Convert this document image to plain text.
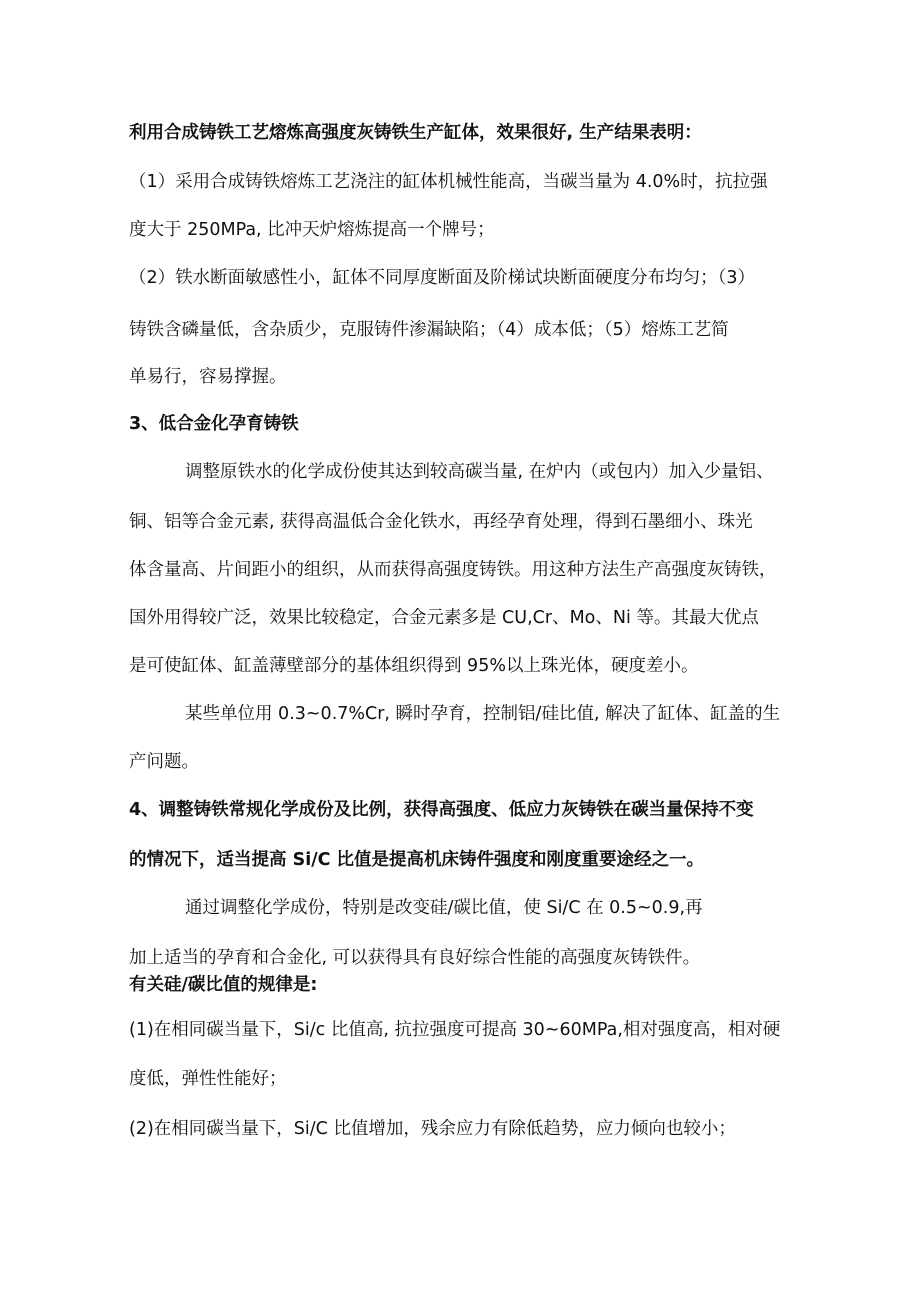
利用合成铸铁工艺熔炼高强度灰铸铁生产缸体，效果很好, 生产结果表明：

（1）采用合成铸铁熔炼工艺浇注的缸体机械性能高，当碳当量为 4.0%时，抗拉强

度大于 250MPa, 比冲天炉熔炼提高一个牌号；

（2）铁水断面敏感性小，缸体不同厚度断面及阶梯试块断面硬度分布均匀；（3）

铸铁含磷量低，含杂质少，克服铸件渗漏缺陷；（4）成本低；（5）熔炼工艺简

单易行，容易撑握。

3、低合金化孕育铸铁

调整原铁水的化学成份使其达到较高碳当量, 在炉内（或包内）加入少量铝、

铜、铝等合金元素, 获得高温低合金化铁水，再经孕育处理，得到石墨细小、珠光

体含量高、片间距小的组织，从而获得高强度铸铁。用这种方法生产高强度灰铸铁，

国外用得较广泛，效果比较稳定，合金元素多是 CU,Cr、Mo、Ni 等。其最大优点

是可使缸体、缸盖薄壁部分的基体组织得到 95%以上珠光体，硬度差小。

某些单位用 0.3~0.7%Cr, 瞬时孕育，控制铝/硅比值, 解决了缸体、缸盖的生

产问题。

4、调整铸铁常规化学成份及比例，获得高强度、低应力灰铸铁在碳当量保持不变

的情况下，适当提高 Si/C 比值是提高机床铸件强度和刚度重要途经之一。

通过调整化学成份，特别是改变硅/碳比值，使 Si/C 在 0.5~0.9,再

加上适当的孕育和合金化, 可以获得具有良好综合性能的高强度灰铸铁件。

有关硅/碳比值的规律是:

(1)在相同碳当量下，Si/c 比值高, 抗拉强度可提高 30~60MPa,相对强度高，相对硬

度低，弹性性能好；

(2)在相同碳当量下，Si/C 比值增加，残余应力有除低趋势，应力倾向也较小；
